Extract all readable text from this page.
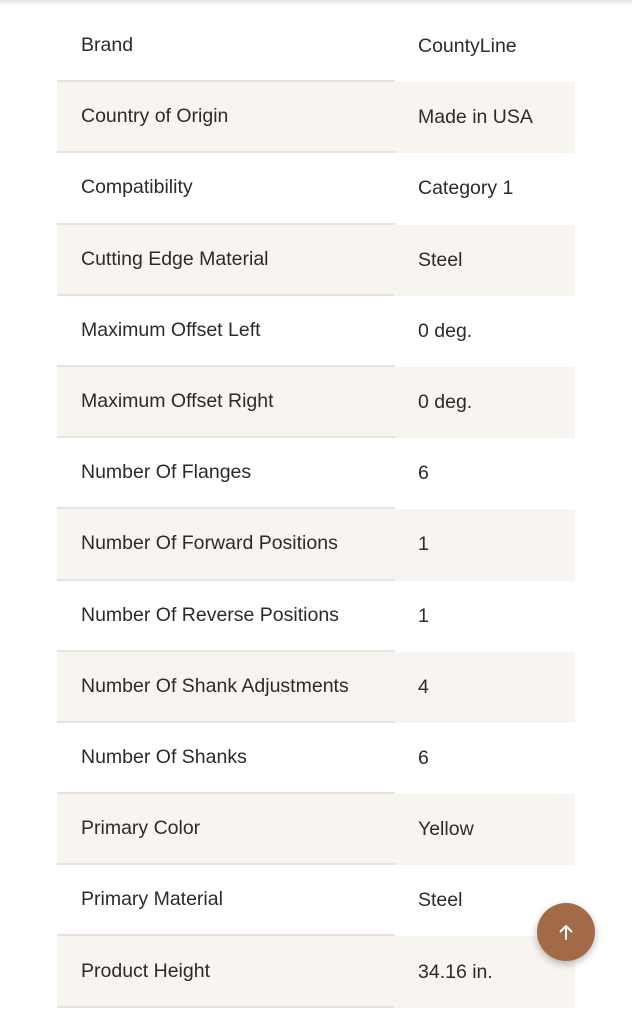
Brand	CountyLine
Country of Origin	Made in USA
Compatibility	Category 1
Cutting Edge Material	Steel
Maximum Offset Left	0 deg.
Maximum Offset Right	0 deg.
Number Of Flanges	6
Number Of Forward Positions	1
Number Of Reverse Positions	1
Number Of Shank Adjustments	4
Number Of Shanks	6
Primary Color	Yellow
Primary Material	Steel
Product Height	34.16 in.
